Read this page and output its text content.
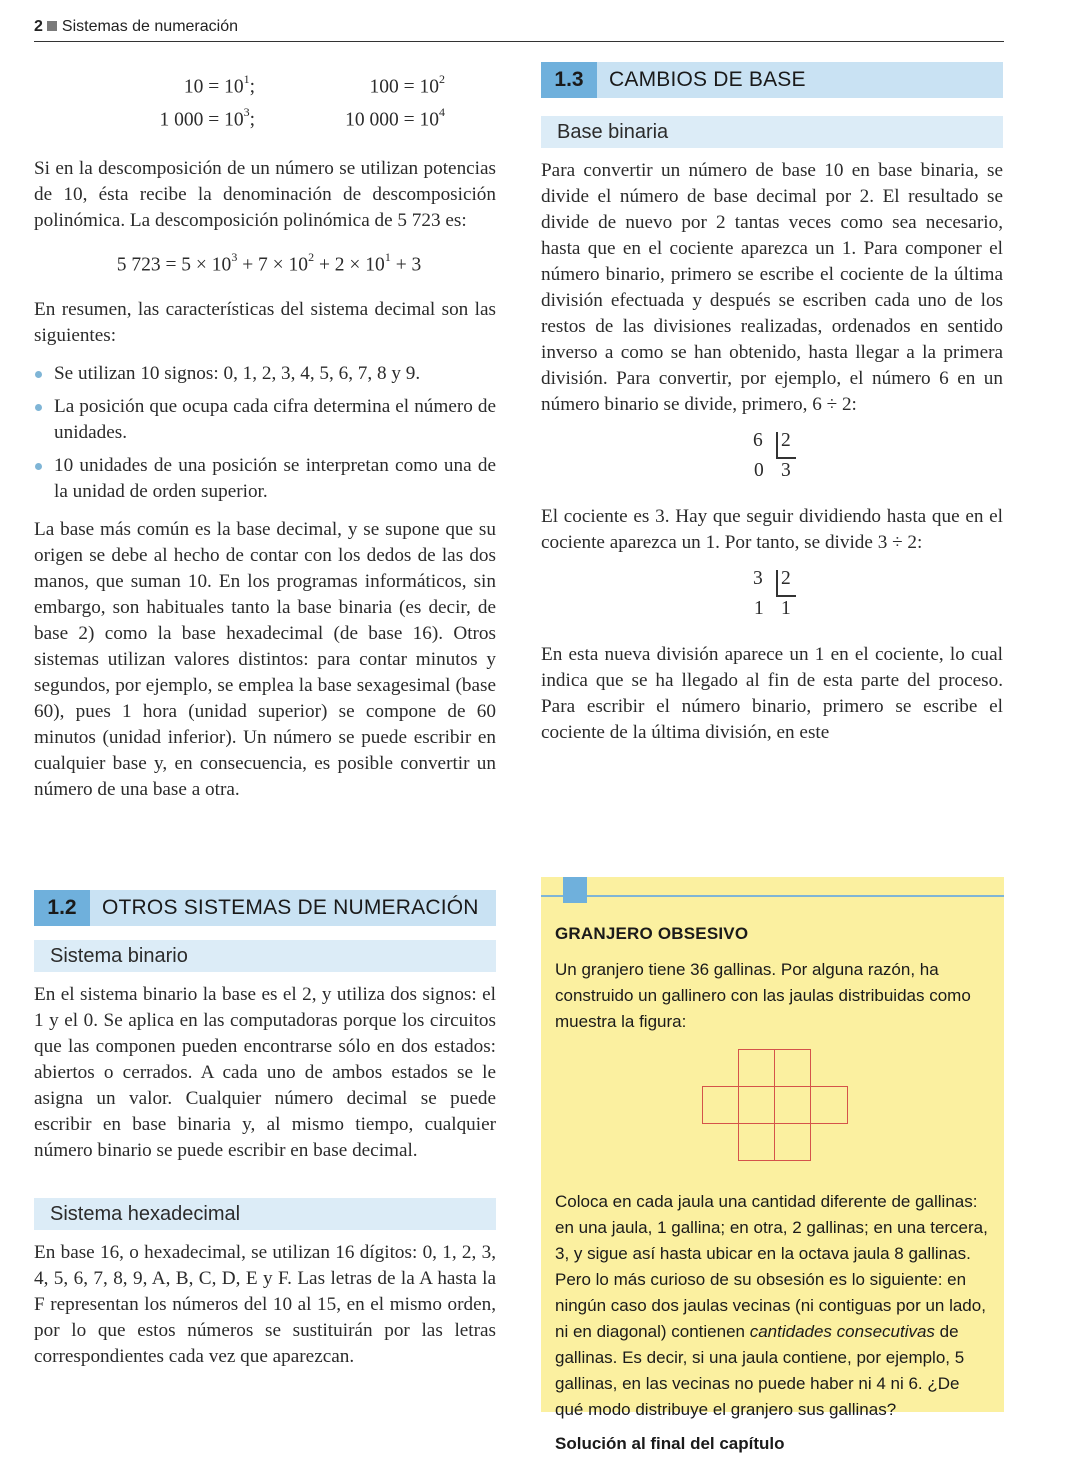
2 Sistemas de numeración
$10 = 10^1$;	$100 = 10^2$
1 $000 = 10^3$;	10 $000 = 10^4$

Si en la descomposición de un número se utilizan potencias de 10, ésta recibe la denominación de descomposición polinómica. La descomposición polinómica de 5 723 es:

5 $723 = 5 \times 10^3 + 7 \times 10^2 + 2 \times 10^1 + 3$

En resumen, las características del sistema decimal son las siguientes:

Se utilizan 10 signos: 0, 1, 2, 3, 4, 5, 6, 7, 8 y 9.
La posición que ocupa cada cifra determina el número de unidades.
10 unidades de una posición se interpretan como una de la unidad de orden superior.

La base más común es la base decimal, y se supone que su origen se debe al hecho de contar con los dedos de las dos manos, que suman 10. En los programas informáticos, sin embargo, son habituales tanto la base binaria (es decir, de base 2) como la base hexadecimal (de base 16). Otros sistemas utilizan valores distintos: para contar minutos y segundos, por ejemplo, se emplea la base sexagesimal (base 60), pues 1 hora (unidad superior) se compone de 60 minutos (unidad inferior). Un número se puede escribir en cualquier base y, en consecuencia, es posible convertir un número de una base a otra.

1.2	OTROS SISTEMAS DE NUMERACIÓN
Sistema binario

En el sistema binario la base es el 2, y utiliza dos signos: el 1 y el 0. Se aplica en las computadoras porque los circuitos que las componen pueden encontrarse sólo en dos estados: abiertos o cerrados. A cada uno de ambos estados se le asigna un valor. Cualquier número decimal se puede escribir en base binaria y, al mismo tiempo, cualquier número binario se puede escribir en base decimal.

Sistema hexadecimal

En base 16, o hexadecimal, se utilizan 16 dígitos: 0, 1, 2, 3, 4, 5, 6, 7, 8, 9, A, B, C, D, E y F. Las letras de la A hasta la F representan los números del 10 al 15, en el mismo orden, por lo que estos números se sustituirán por las letras correspondientes cada vez que aparezcan.

1.3	CAMBIOS DE BASE
Base binaria

Para convertir un número de base 10 en base binaria, se divide el número de base decimal por 2. El resultado se divide de nuevo por 2 tantas veces como sea necesario, hasta que en el cociente aparezca un 1. Para componer el número binario, primero se escribe el cociente de la última división efectuada y después se escriben cada uno de los restos de las divisiones realizadas, ordenados en sentido inverso a como se han obtenido, hasta llegar a la primera división. Para convertir, por ejemplo, el número 6 en un número binario se divide, primero, 6 ÷ 2:

6 2
0 3

El cociente es 3. Hay que seguir dividiendo hasta que en el cociente aparezca un 1. Por tanto, se divide 3 ÷ 2:

3 2
1 1

En esta nueva división aparece un 1 en el cociente, lo cual indica que se ha llegado al fin de esta parte del proceso. Para escribir el número binario, primero se escribe el cociente de la última división, en este

GRANJERO OBSESIVO
Un granjero tiene 36 gallinas. Por alguna razón, ha construido un gallinero con las jaulas distribuidas como muestra la figura:
Coloca en cada jaula una cantidad diferente de gallinas: en una jaula, 1 gallina; en otra, 2 gallinas; en una tercera, 3, y sigue así hasta ubicar en la octava jaula 8 gallinas. Pero lo más curioso de su obsesión es lo siguiente: en ningún caso dos jaulas vecinas (ni contiguas por un lado, ni en diagonal) contienen cantidades consecutivas de gallinas. Es decir, si una jaula contiene, por ejemplo, 5 gallinas, en las vecinas no puede haber ni 4 ni 6. ¿De qué modo distribuye el granjero sus gallinas?
Solución al final del capítulo
